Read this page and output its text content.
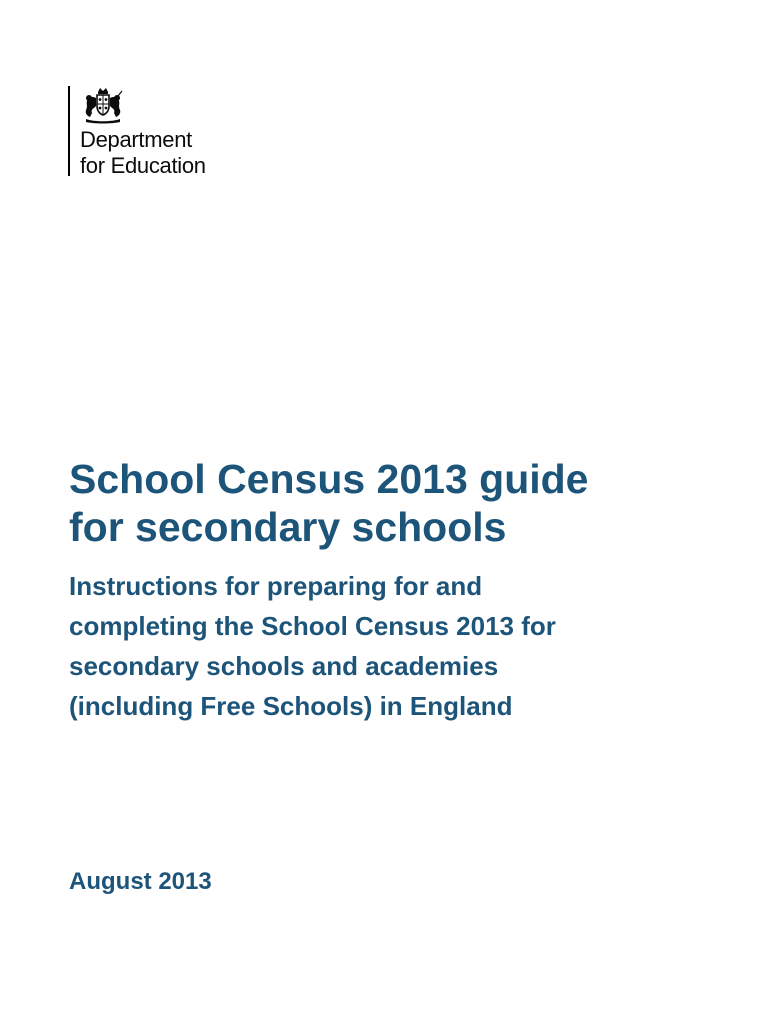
Department
for Education
School Census 2013 guide
for secondary schools
Instructions for preparing for and
completing the School Census 2013 for
secondary schools and academies
(including Free Schools) in England

August 2013
